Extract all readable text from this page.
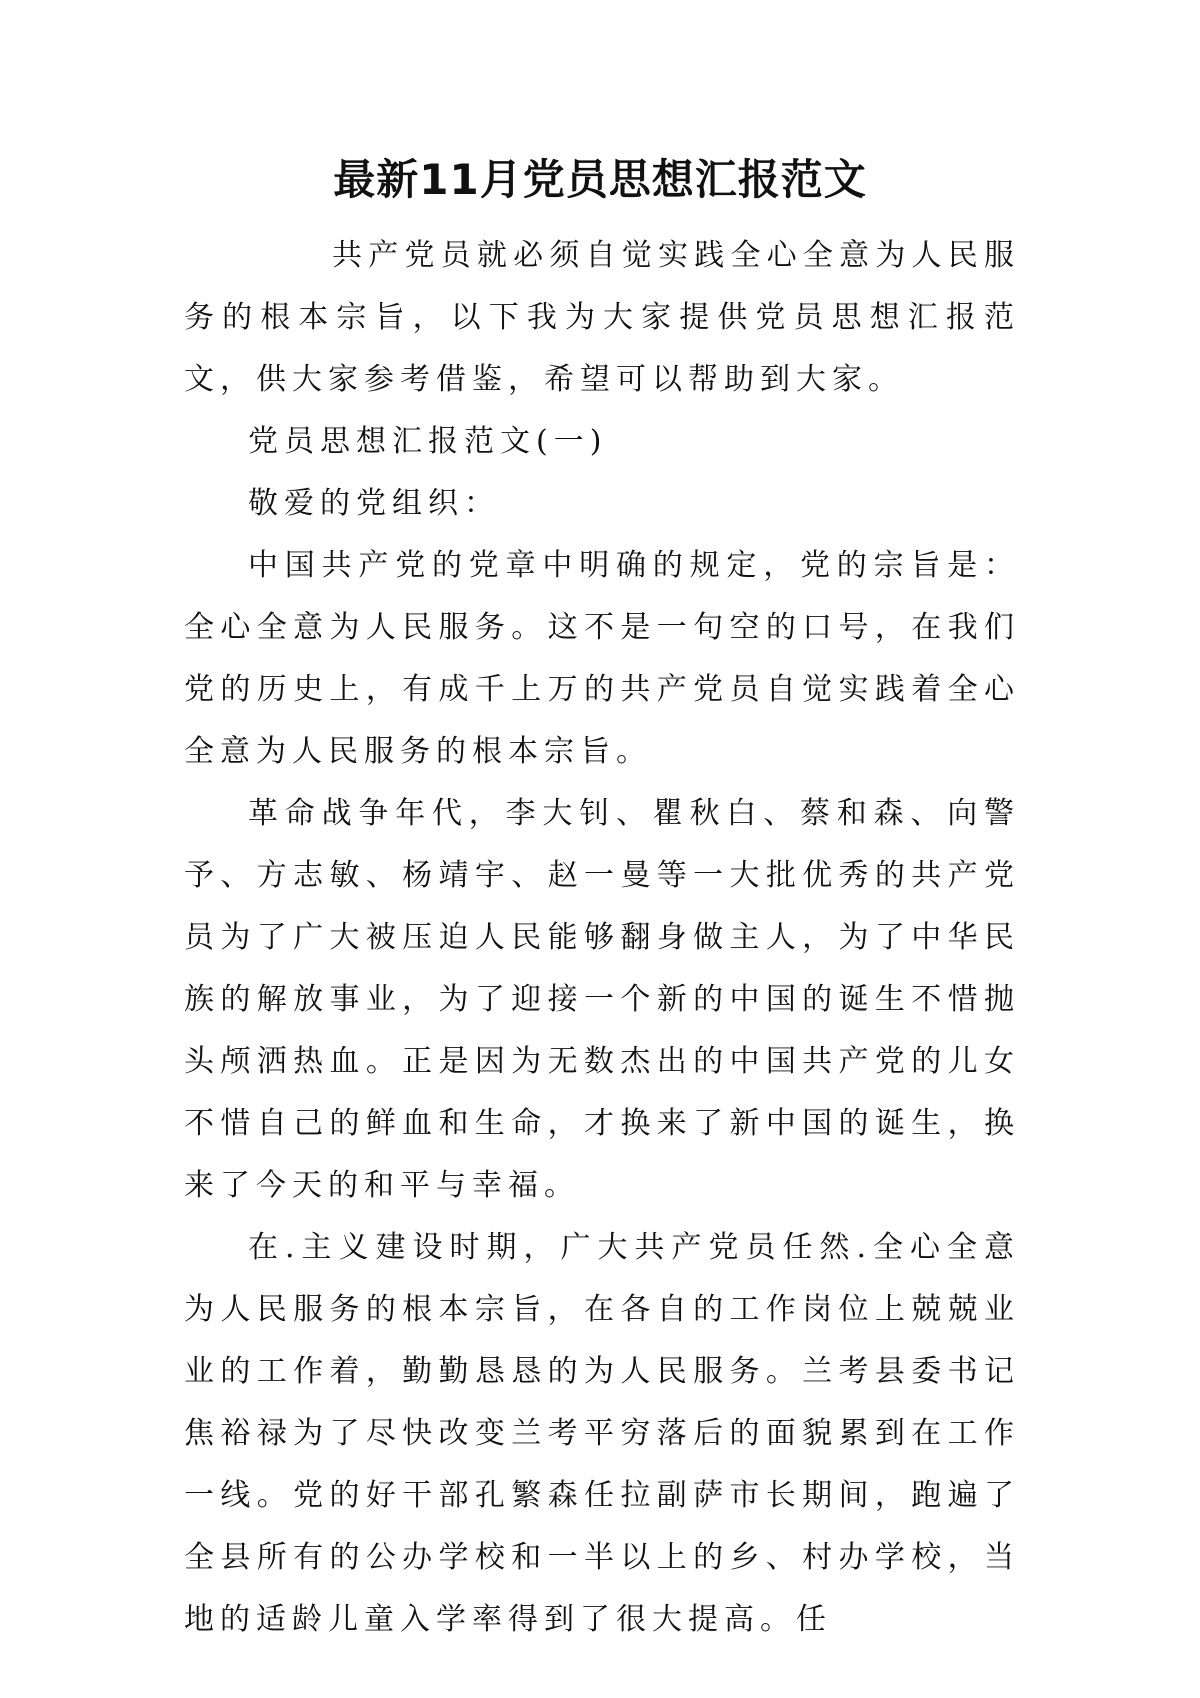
最新11月党员思想汇报范文

共产党员就必须自觉实践全心全意为人民服务的根本宗旨，以下我为大家提供党员思想汇报范文，供大家参考借鉴，希望可以帮助到大家。

党员思想汇报范文(一)

敬爱的党组织：

中国共产党的党章中明确的规定，党的宗旨是：全心全意为人民服务。这不是一句空的口号，在我们党的历史上，有成千上万的共产党员自觉实践着全心全意为人民服务的根本宗旨。

革命战争年代，李大钊、瞿秋白、蔡和森、向警予、方志敏、杨靖宇、赵一曼等一大批优秀的共产党员为了广大被压迫人民能够翻身做主人，为了中华民族的解放事业，为了迎接一个新的中国的诞生不惜抛头颅洒热血。正是因为无数杰出的中国共产党的儿女不惜自己的鲜血和生命，才换来了新中国的诞生，换来了今天的和平与幸福。

在.主义建设时期，广大共产党员任然.全心全意为人民服务的根本宗旨，在各自的工作岗位上兢兢业业的工作着，勤勤恳恳的为人民服务。兰考县委书记焦裕禄为了尽快改变兰考平穷落后的面貌累到在工作一线。党的好干部孔繁森任拉副萨市长期间，跑遍了全县所有的公办学校和一半以上的乡、村办学校，当地的适龄儿童入学率得到了很大提高。任
